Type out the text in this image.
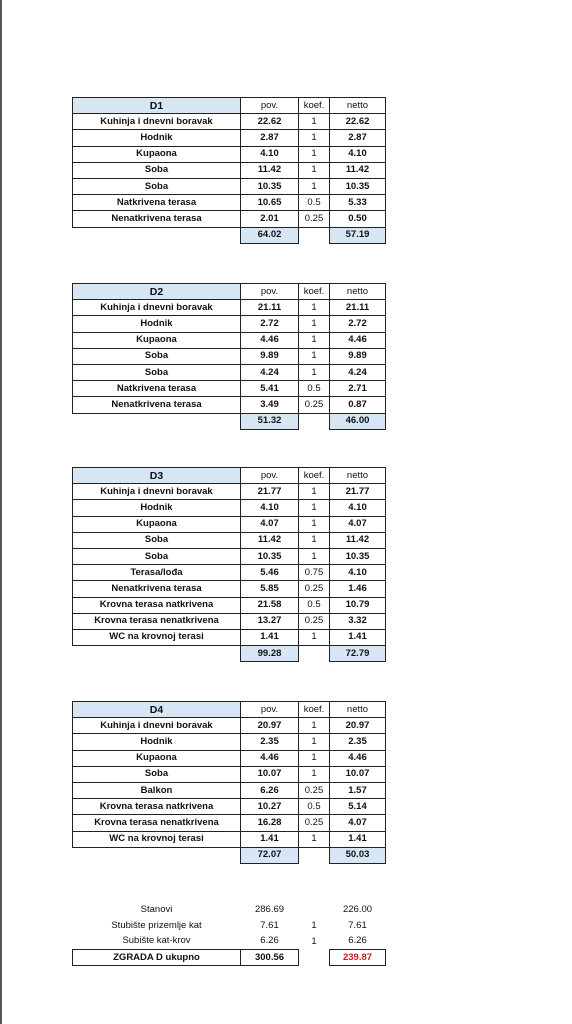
D1	pov.	koef.	netto
Kuhinja i dnevni boravak	22.62	1	22.62
Hodnik	2.87	1	2.87
Kupaona	4.10	1	4.10
Soba	11.42	1	11.42
Soba	10.35	1	10.35
Natkrivena terasa	10.65	0.5	5.33
Nenatkrivena terasa	2.01	0.25	0.50
	64.02		57.19
D2	pov.	koef.	netto
Kuhinja i dnevni boravak	21.11	1	21.11
Hodnik	2.72	1	2.72
Kupaona	4.46	1	4.46
Soba	9.89	1	9.89
Soba	4.24	1	4.24
Natkrivena terasa	5.41	0.5	2.71
Nenatkrivena terasa	3.49	0.25	0.87
	51.32		46.00
D3	pov.	koef.	netto
Kuhinja i dnevni boravak	21.77	1	21.77
Hodnik	4.10	1	4.10
Kupaona	4.07	1	4.07
Soba	11.42	1	11.42
Soba	10.35	1	10.35
Terasa/lođa	5.46	0.75	4.10
Nenatkrivena terasa	5.85	0.25	1.46
Krovna terasa natkrivena	21.58	0.5	10.79
Krovna terasa nenatkrivena	13.27	0.25	3.32
WC na krovnoj terasi	1.41	1	1.41
	99.28		72.79
D4	pov.	koef.	netto
Kuhinja i dnevni boravak	20.97	1	20.97
Hodnik	2.35	1	2.35
Kupaona	4.46	1	4.46
Soba	10.07	1	10.07
Balkon	6.26	0.25	1.57
Krovna terasa natkrivena	10.27	0.5	5.14
Krovna terasa nenatkrivena	16.28	0.25	4.07
WC na krovnoj terasi	1.41	1	1.41
	72.07		50.03
Stanovi	286.69		226.00
Stubište prizemlje kat	7.61	1	7.61
Subište kat-krov	6.26	1	6.26
ZGRADA D ukupno	300.56		239.87
